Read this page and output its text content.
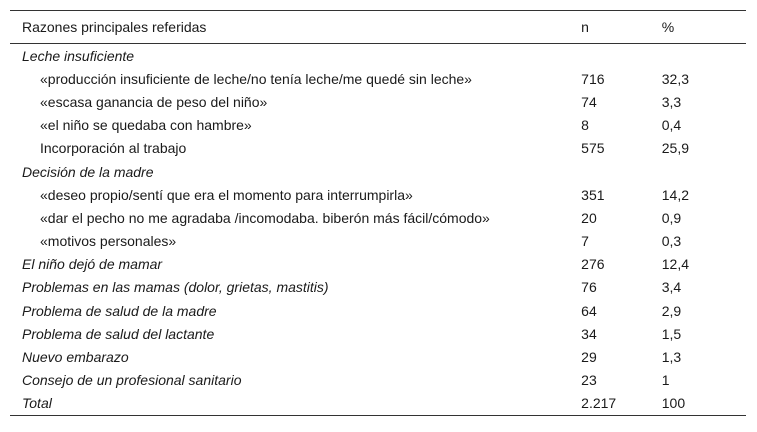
Razones principales referidas	n	%
Leche insuficiente		
«producción insuficiente de leche/no tenía leche/me quedé sin leche»	716	32,3
«escasa ganancia de peso del niño»	74	3,3
«el niño se quedaba con hambre»	8	0,4
Incorporación al trabajo	575	25,9
Decisión de la madre		
«deseo propio/sentí que era el momento para interrumpirla»	351	14,2
«dar el pecho no me agradaba /incomodaba. biberón más fácil/cómodo»	20	0,9
«motivos personales»	7	0,3
El niño dejó de mamar	276	12,4
Problemas en las mamas (dolor, grietas, mastitis)	76	3,4
Problema de salud de la madre	64	2,9
Problema de salud del lactante	34	1,5
Nuevo embarazo	29	1,3
Consejo de un profesional sanitario	23	1
Total	2.217	100
